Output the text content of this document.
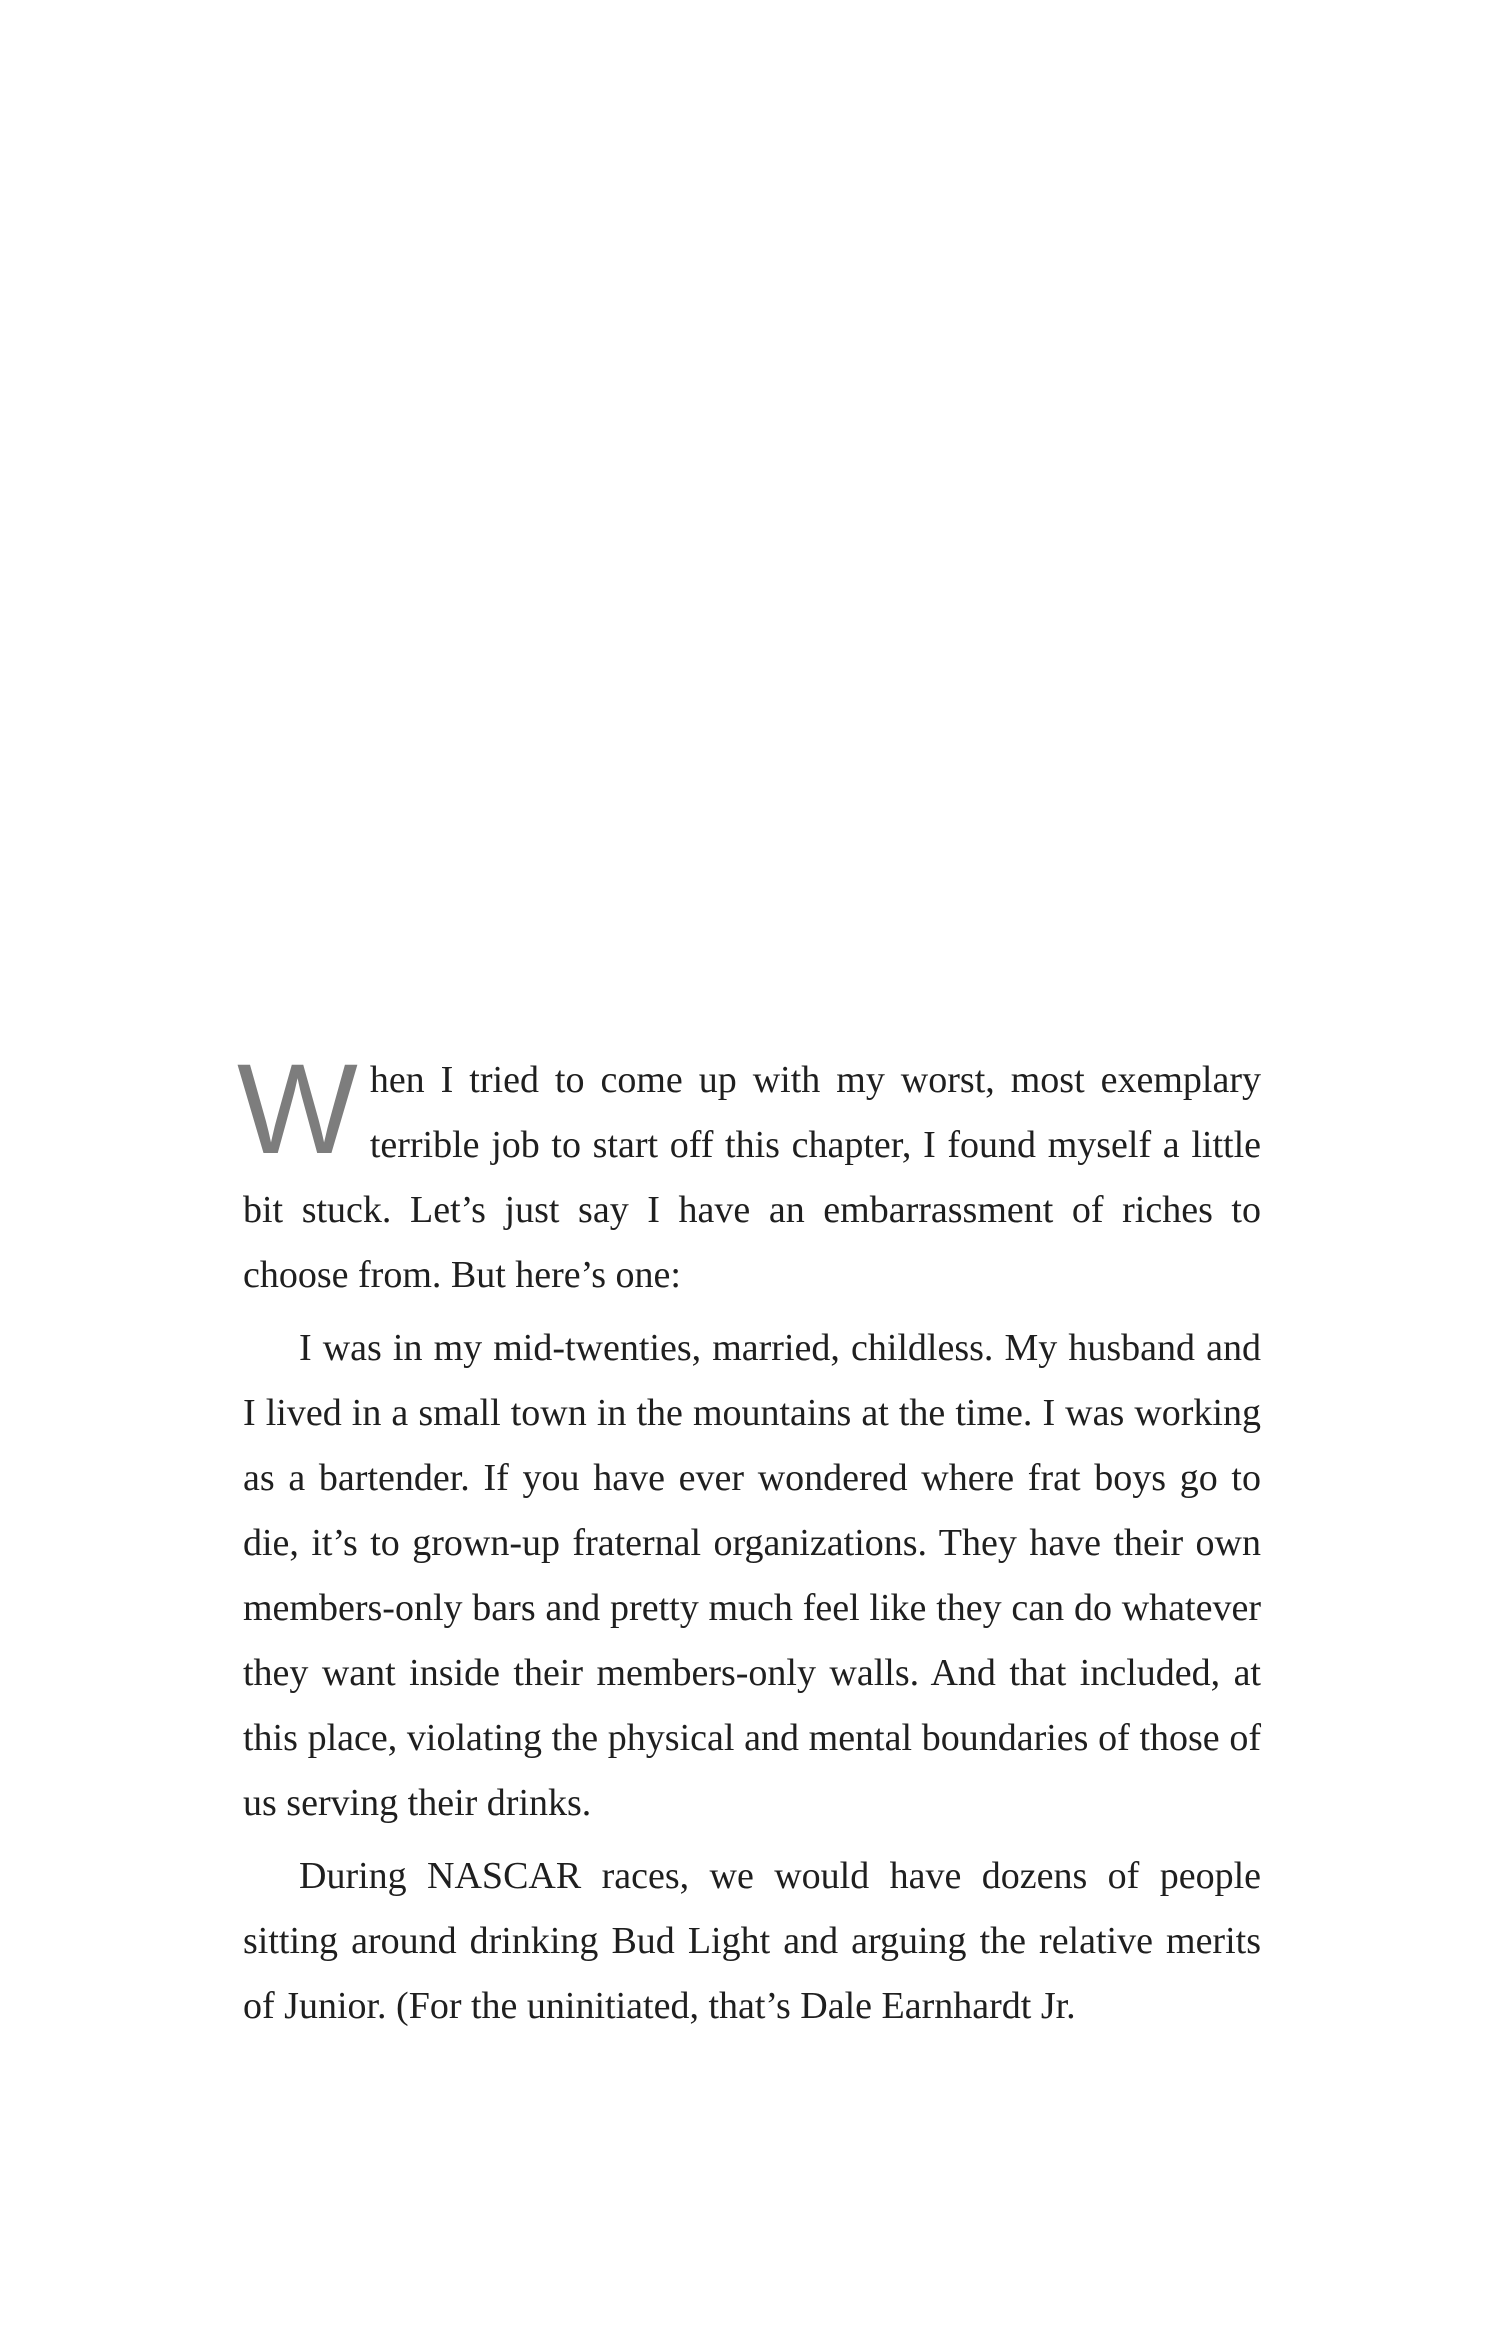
When I tried to come up with my worst, most exemplary terrible job to start off this chapter, I found myself a little bit stuck. Let’s just say I have an embarrassment of riches to choose from. But here’s one:

I was in my mid-twenties, married, childless. My husband and I lived in a small town in the mountains at the time. I was working as a bartender. If you have ever wondered where frat boys go to die, it’s to grown-up fraternal organizations. They have their own members-only bars and pretty much feel like they can do whatever they want inside their members-only walls. And that included, at this place, violating the physical and mental boundaries of those of us serving their drinks.

During NASCAR races, we would have dozens of people sitting around drinking Bud Light and arguing the relative merits of Junior. (For the uninitiated, that’s Dale Earnhardt Jr.
